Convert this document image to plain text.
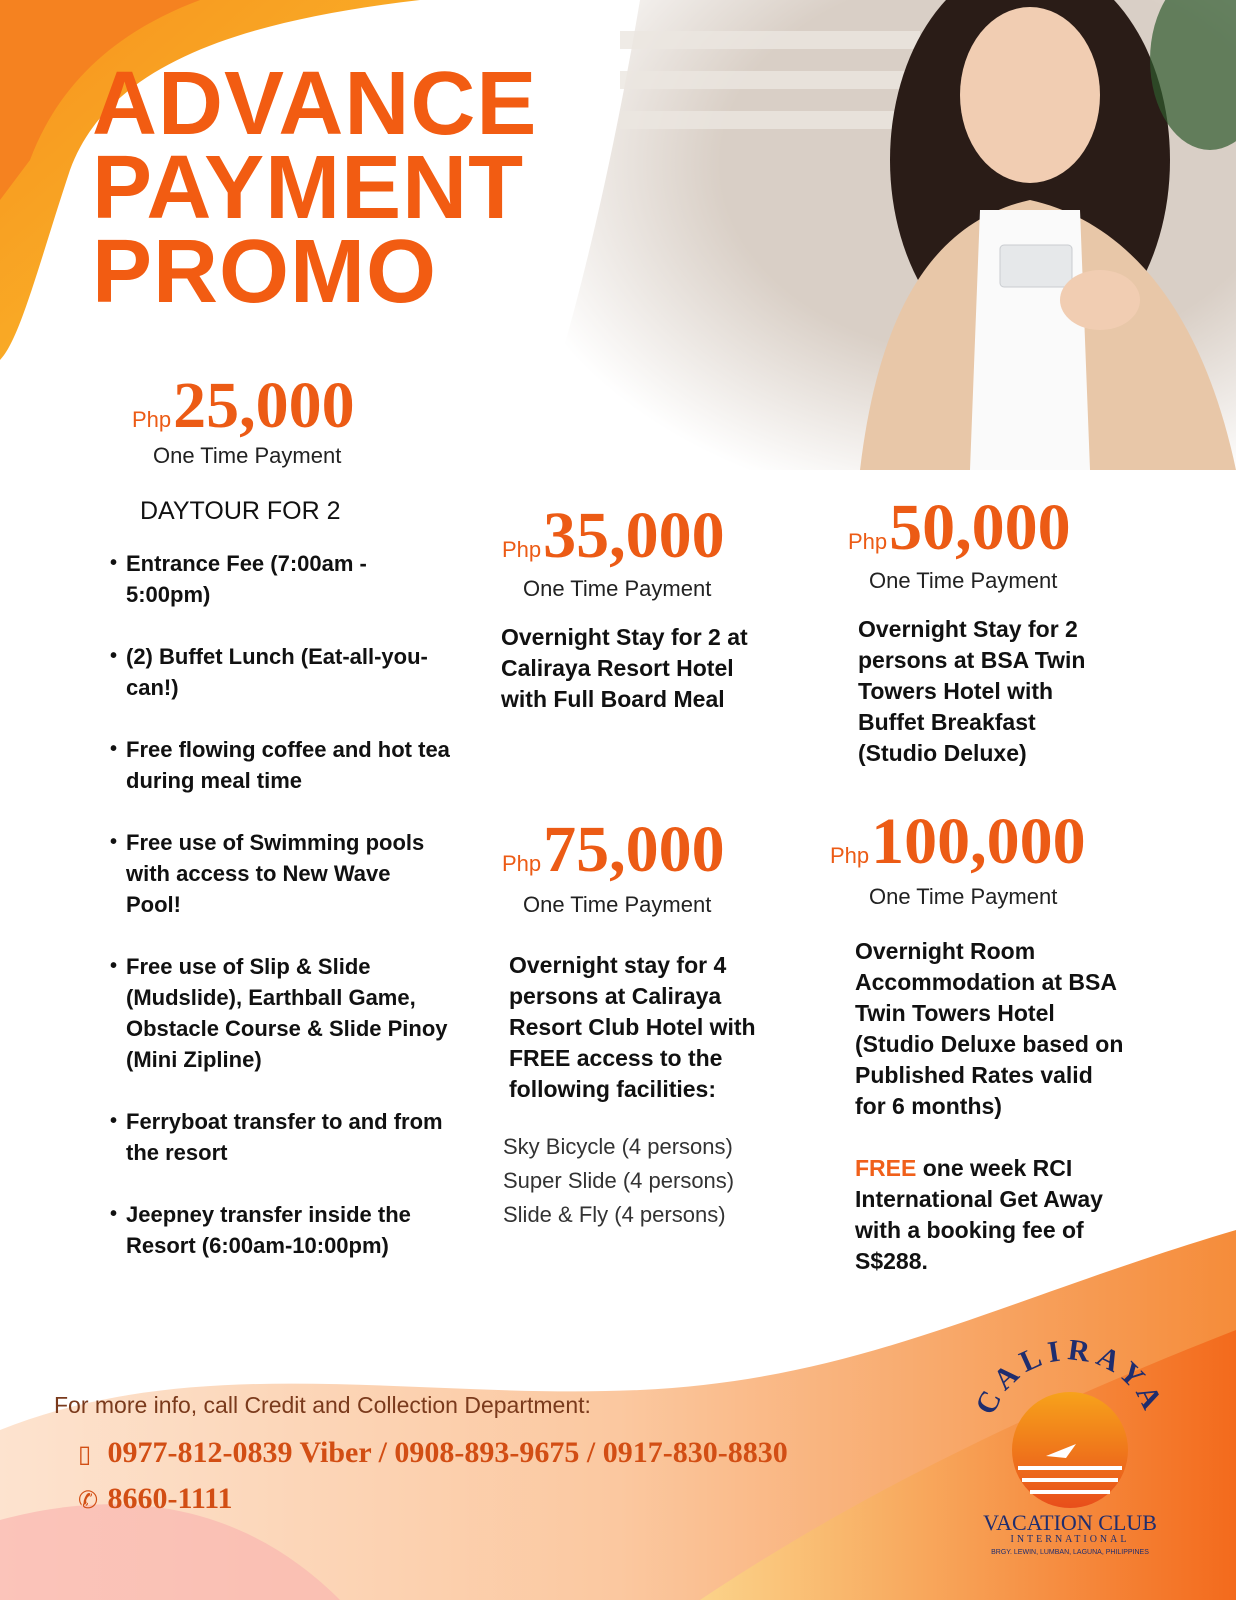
ADVANCE
PAYMENT
PROMO
Php25,000
One Time Payment
DAYTOUR FOR 2
• Entrance Fee (7:00am - 5:00pm)
• (2) Buffet Lunch (Eat-all-you-can!)
• Free flowing coffee and hot tea during meal time
• Free use of Swimming pools with access to New Wave Pool!
• Free use of Slip & Slide (Mudslide), Earthball Game, Obstacle Course & Slide Pinoy (Mini Zipline)
• Ferryboat transfer to and from the resort
• Jeepney transfer inside the Resort (6:00am-10:00pm)
Php35,000
One Time Payment
Overnight Stay for 2 at Caliraya Resort Hotel with Full Board Meal
Php50,000
One Time Payment
Overnight Stay for 2 persons at BSA Twin Towers Hotel with Buffet Breakfast (Studio Deluxe)
Php75,000
One Time Payment
Overnight stay for 4 persons at Caliraya Resort Club Hotel with FREE access to the following facilities:
Sky Bicycle (4 persons)
Super Slide (4 persons)
Slide & Fly (4 persons)
Php100,000
One Time Payment
Overnight Room Accommodation at BSA Twin Towers Hotel (Studio Deluxe based on Published Rates valid for 6 months)
FREE one week RCI International Get Away with a booking fee of S$288.
For more info, call Credit and Collection Department:
▯ 0977-812-0839 Viber / 0908-893-9675 / 0917-830-8830
✆ 8660-1111
CALIRAYA
VACATION CLUB
INTERNATIONAL
BRGY. LEWIN, LUMBAN, LAGUNA, PHILIPPINES
